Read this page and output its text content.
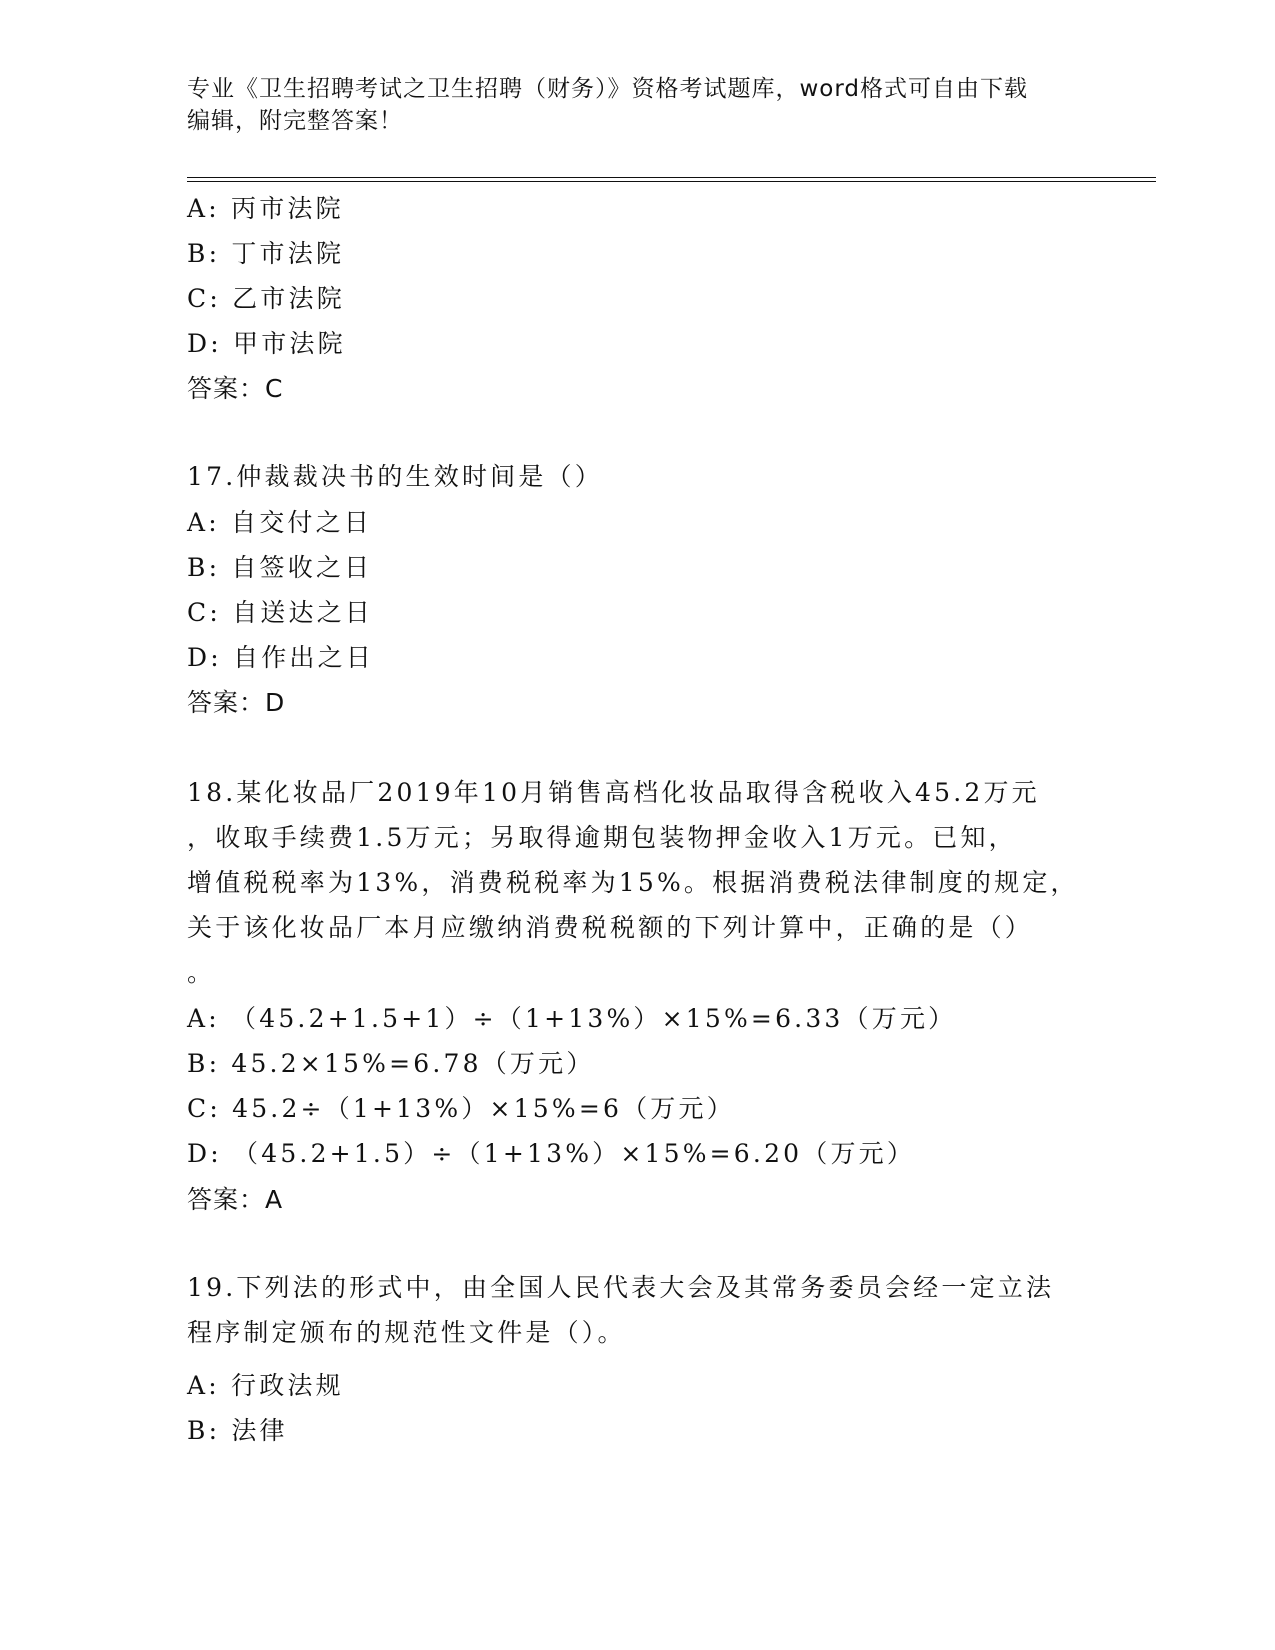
专业《卫生招聘考试之卫生招聘（财务）》资格考试题库，word格式可自由下载
编辑，附完整答案！
A: 丙市法院
B: 丁市法院
C: 乙市法院
D: 甲市法院
答案：C
17.仲裁裁决书的生效时间是（）
A: 自交付之日
B: 自签收之日
C: 自送达之日
D: 自作出之日
答案：D
18.某化妆品厂2019年10月销售高档化妆品取得含税收入45.2万元
，收取手续费1.5万元；另取得逾期包装物押金收入1万元。已知，
增值税税率为13%，消费税税率为15%。根据消费税法律制度的规定，
关于该化妆品厂本月应缴纳消费税税额的下列计算中，正确的是（）
。
A: （45.2+1.5+1）÷（1+13%）×15%=6.33（万元）
B: 45.2×15%=6.78（万元）
C: 45.2÷（1+13%）×15%=6（万元）
D: （45.2+1.5）÷（1+13%）×15%=6.20（万元）
答案：A
19.下列法的形式中，由全国人民代表大会及其常务委员会经一定立法
程序制定颁布的规范性文件是（）。
A: 行政法规
B: 法律
